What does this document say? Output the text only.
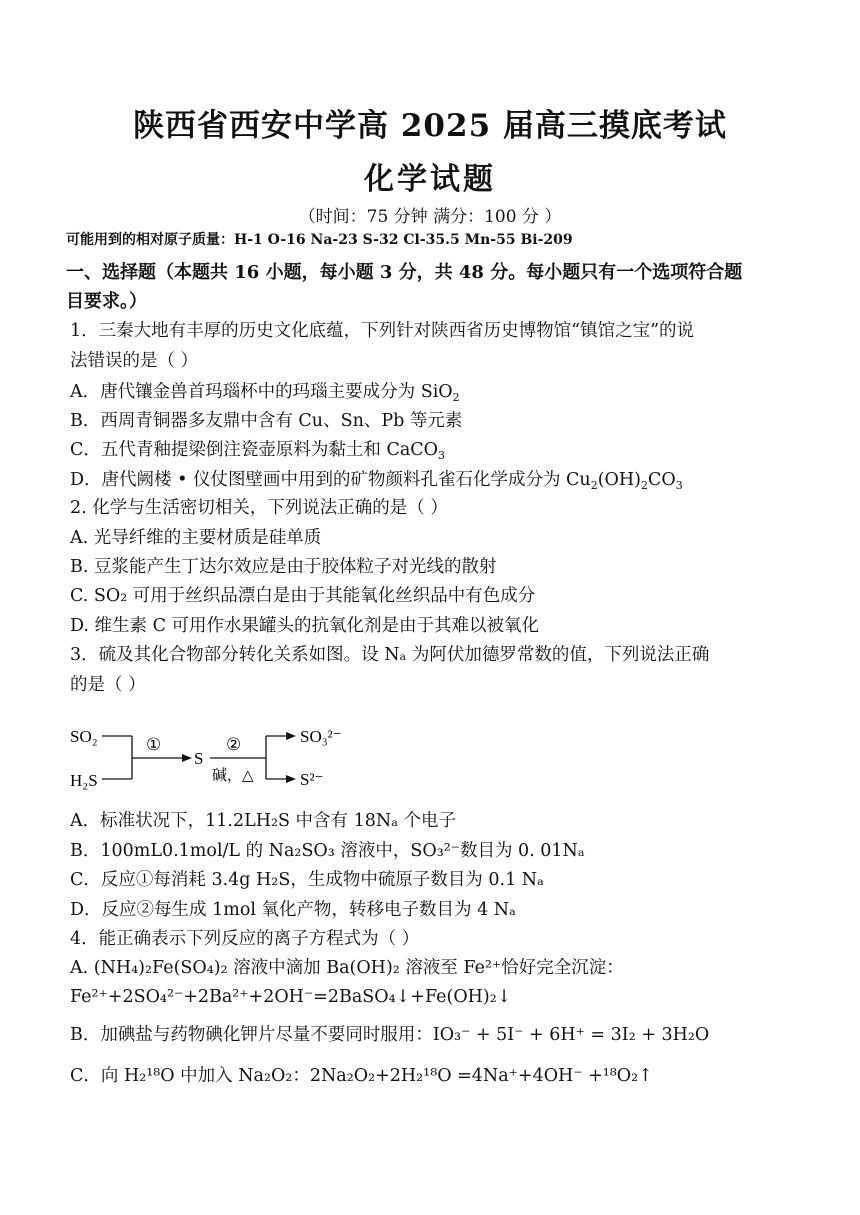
陕西省西安中学高 2025 届高三摸底考试
化学试题
（时间：75 分钟 满分：100 分 ）
可能用到的相对原子质量：H-1 O-16 Na-23 S-32 Cl-35.5 Mn-55 Bi-209
一、选择题（本题共 16 小题，每小题 3 分，共 48 分。每小题只有一个选项符合题
目要求。）
1．三秦大地有丰厚的历史文化底蕴，下列针对陕西省历史博物馆“镇馆之宝”的说
法错误的是（ ）
A．唐代镶金兽首玛瑙杯中的玛瑙主要成分为 SiO$_2$
B．西周青铜器多友鼎中含有 Cu、Sn、Pb 等元素
C．五代青釉提梁倒注瓷壶原料为黏土和 CaCO$_3$
D．唐代阙楼 • 仪仗图壁画中用到的矿物颜料孔雀石化学成分为 $Cu_2(OH)_2CO_3$
2. 化学与生活密切相关，下列说法正确的是（ ）
A. 光导纤维的主要材质是硅单质
B. 豆浆能产生丁达尔效应是由于胶体粒子对光线的散射
C. SO₂ 可用于丝织品漂白是由于其能氧化丝织品中有色成分
D. 维生素 C 可用作水果罐头的抗氧化剂是由于其难以被氧化
3．硫及其化合物部分转化关系如图。设 Nₐ 为阿伏加德罗常数的值，下列说法正确
的是（ ）
SO₂
H₂S
①
S
②
碱，△
SO₃²⁻
S²⁻
A．标准状况下，11.2LH₂S 中含有 18Nₐ 个电子
B．100mL0.1mol/L 的 Na₂SO₃ 溶液中，SO₃²⁻数目为 0. 01Nₐ
C．反应①每消耗 3.4g H₂S，生成物中硫原子数目为 0.1 Nₐ
D．反应②每生成 1mol 氧化产物，转移电子数目为 4 Nₐ
4．能正确表示下列反应的离子方程式为（ ）
A. (NH₄)₂Fe(SO₄)₂ 溶液中滴加 Ba(OH)₂ 溶液至 Fe²⁺恰好完全沉淀：
Fe²⁺+2SO₄²⁻+2Ba²⁺+2OH⁻=2BaSO₄↓+Fe(OH)₂↓
B．加碘盐与药物碘化钾片尽量不要同时服用：IO₃⁻ + 5I⁻ + 6H⁺ = 3I₂ + 3H₂O
C．向 H₂¹⁸O 中加入 Na₂O₂：2Na₂O₂+2H₂¹⁸O =4Na⁺+4OH⁻ +¹⁸O₂↑
